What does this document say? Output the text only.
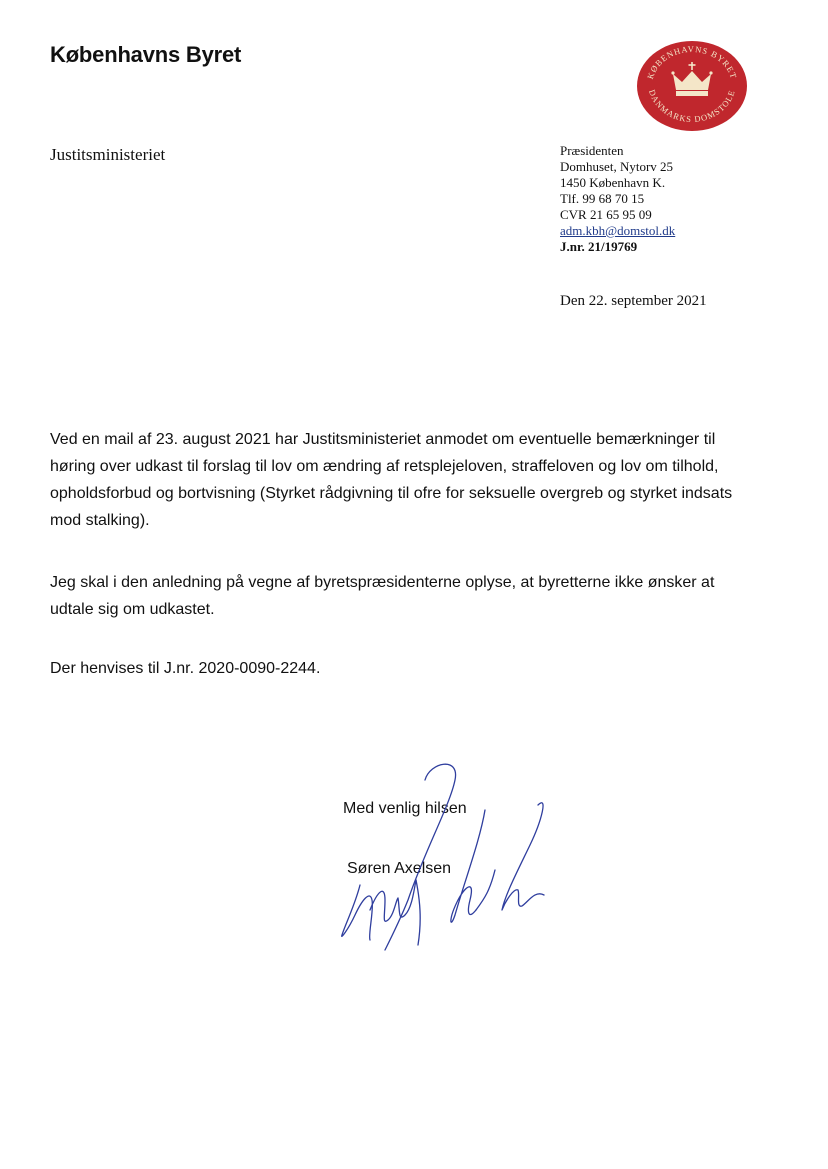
Københavns Byret
KØBENHAVNS BYRET
DANMARKS DOMSTOLE
Justitsministeriet	Præsidenten
Domhuset, Nytorv 25
1450 København K.
Tlf. 99 68 70 15
CVR 21 65 95 09
adm.kbh@domstol.dk
J.nr. 21/19769
Den 22. september 2021

Ved en mail af 23. august 2021 har Justitsministeriet anmodet om eventuelle bemærkninger til høring over udkast til forslag til lov om ændring af retsplejeloven, straffeloven og lov om tilhold, opholdsforbud og bortvisning (Styrket rådgivning til ofre for seksuelle overgreb og styrket indsats mod stalking).

Jeg skal i den anledning på vegne af byretspræsidenterne oplyse, at byretterne ikke ønsker at udtale sig om udkastet.

Der henvises til J.nr. 2020-0090-2244.

Med venlig hilsen
Søren Axelsen
